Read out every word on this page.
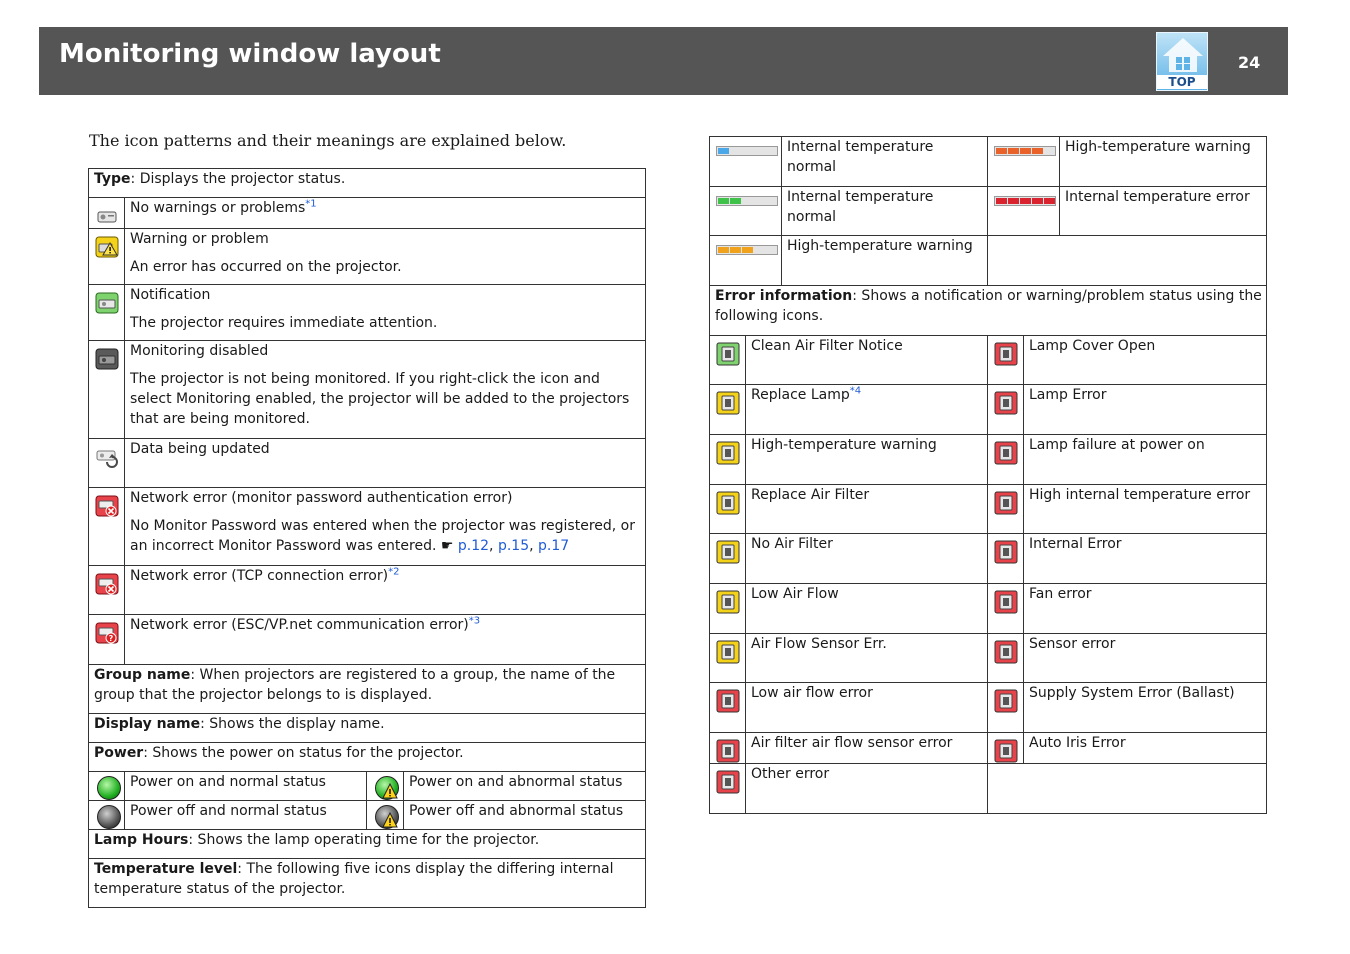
Monitoring window layout
TOP
24
The icon patterns and their meanings are explained below.
Type: Displays the projector status.			

	No warnings or problems$^{*1}$

Warning or problem
An error has occurred on the projector.		

Notification
The projector requires immediate attention.		

Monitoring disabled
The projector is not being monitored. If you right-click the icon and select Monitoring enabled, the projector will be added to the projectors that are being monitored.		

	Data being updated		

Network error (monitor password authentication error)
No Monitor Password was entered when the projector was registered, or an incorrect Monitor Password was entered. ☛ p.12, p.15, p.17		

	Network error (TCP connection error)$^{*2}$

?	Network error (ESC/VP.net communication error)$^{*3}$
Group name: When projectors are registered to a group, the name of the group that the projector belongs to is displayed.			
Display name: Shows the display name.			
Power: Shows the power on status for the projector.			

	Power on and normal status		Power on and abnormal status

	Power off and normal status		Power off and abnormal status
Lamp Hours: Shows the lamp operating time for the projector.			
Temperature level: The following five icons display the differing internal temperature status of the projector.			
	Internal temperature normal		High-temperature warning

	Internal temperature normal		Internal temperature error

	High-temperature warning		
Error information: Shows a notification or warning/problem status using the following icons.			
	Clean Air Filter Notice		Lamp Cover Open

	Replace Lamp$^{*4}$		Lamp Error

	High-temperature warning		Lamp failure at power on

	Replace Air Filter		High internal temperature error

	No Air Filter		Internal Error

	Low Air Flow		Fan error

	Air Flow Sensor Err.		Sensor error

	Low air flow error		Supply System Error (Ballast)

	Air filter air flow sensor error		Auto Iris Error

	Other error		
